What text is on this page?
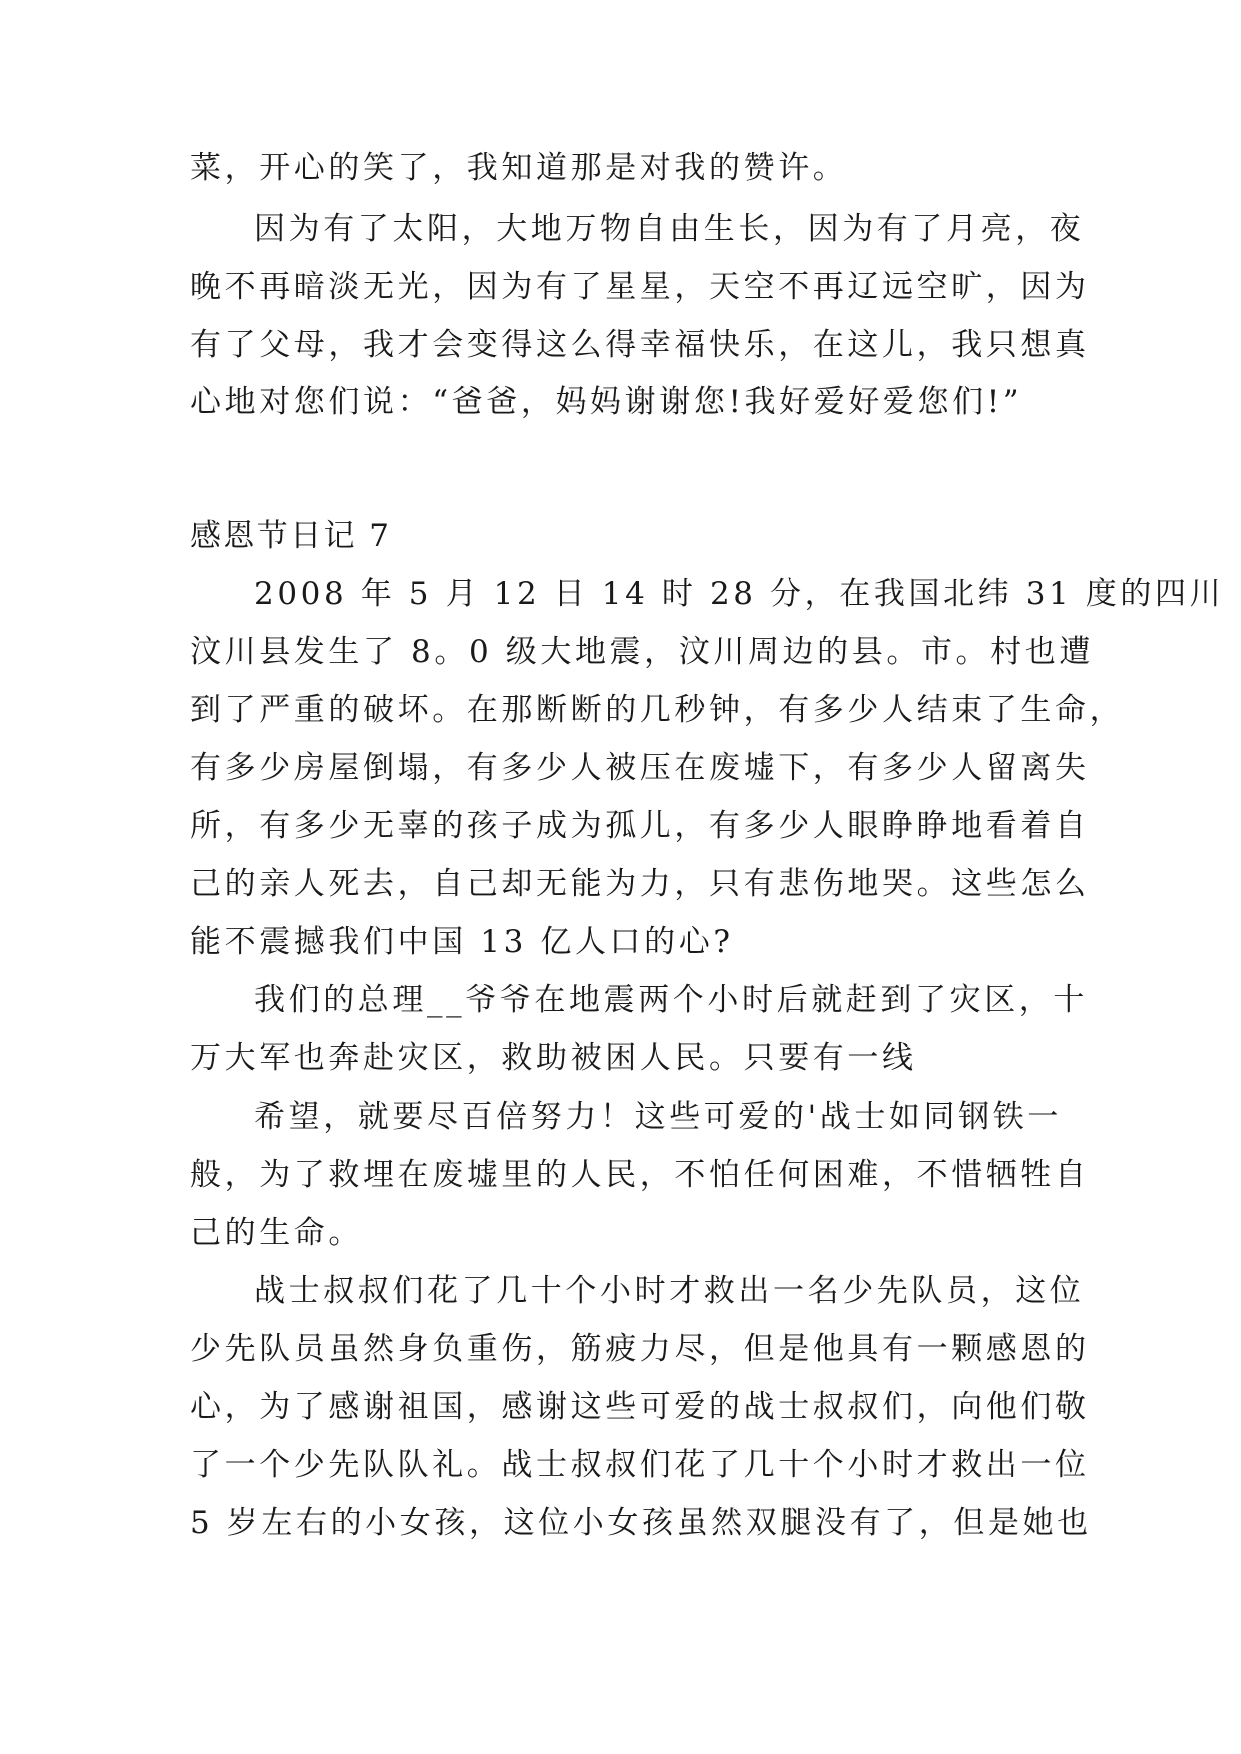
菜，开心的笑了，我知道那是对我的赞许。
因为有了太阳，大地万物自由生长，因为有了月亮，夜
晚不再暗淡无光，因为有了星星，天空不再辽远空旷，因为
有了父母，我才会变得这么得幸福快乐，在这儿，我只想真
心地对您们说：“爸爸，妈妈谢谢您!我好爱好爱您们!”
感恩节日记 7
2008 年 5 月 12 日 14 时 28 分，在我国北纬 31 度的四川
汶川县发生了 8。0 级大地震，汶川周边的县。市。村也遭
到了严重的破坏。在那断断的几秒钟，有多少人结束了生命，
有多少房屋倒塌，有多少人被压在废墟下，有多少人留离失
所，有多少无辜的孩子成为孤儿，有多少人眼睁睁地看着自
己的亲人死去，自己却无能为力，只有悲伤地哭。这些怎么
能不震撼我们中国 13 亿人口的心?
我们的总理__爷爷在地震两个小时后就赶到了灾区，十
万大军也奔赴灾区，救助被困人民。只要有一线
希望，就要尽百倍努力！这些可爱的'战士如同钢铁一
般，为了救埋在废墟里的人民，不怕任何困难，不惜牺牲自
己的生命。
战士叔叔们花了几十个小时才救出一名少先队员，这位
少先队员虽然身负重伤，筋疲力尽，但是他具有一颗感恩的
心，为了感谢祖国，感谢这些可爱的战士叔叔们，向他们敬
了一个少先队队礼。战士叔叔们花了几十个小时才救出一位
5 岁左右的小女孩，这位小女孩虽然双腿没有了，但是她也
